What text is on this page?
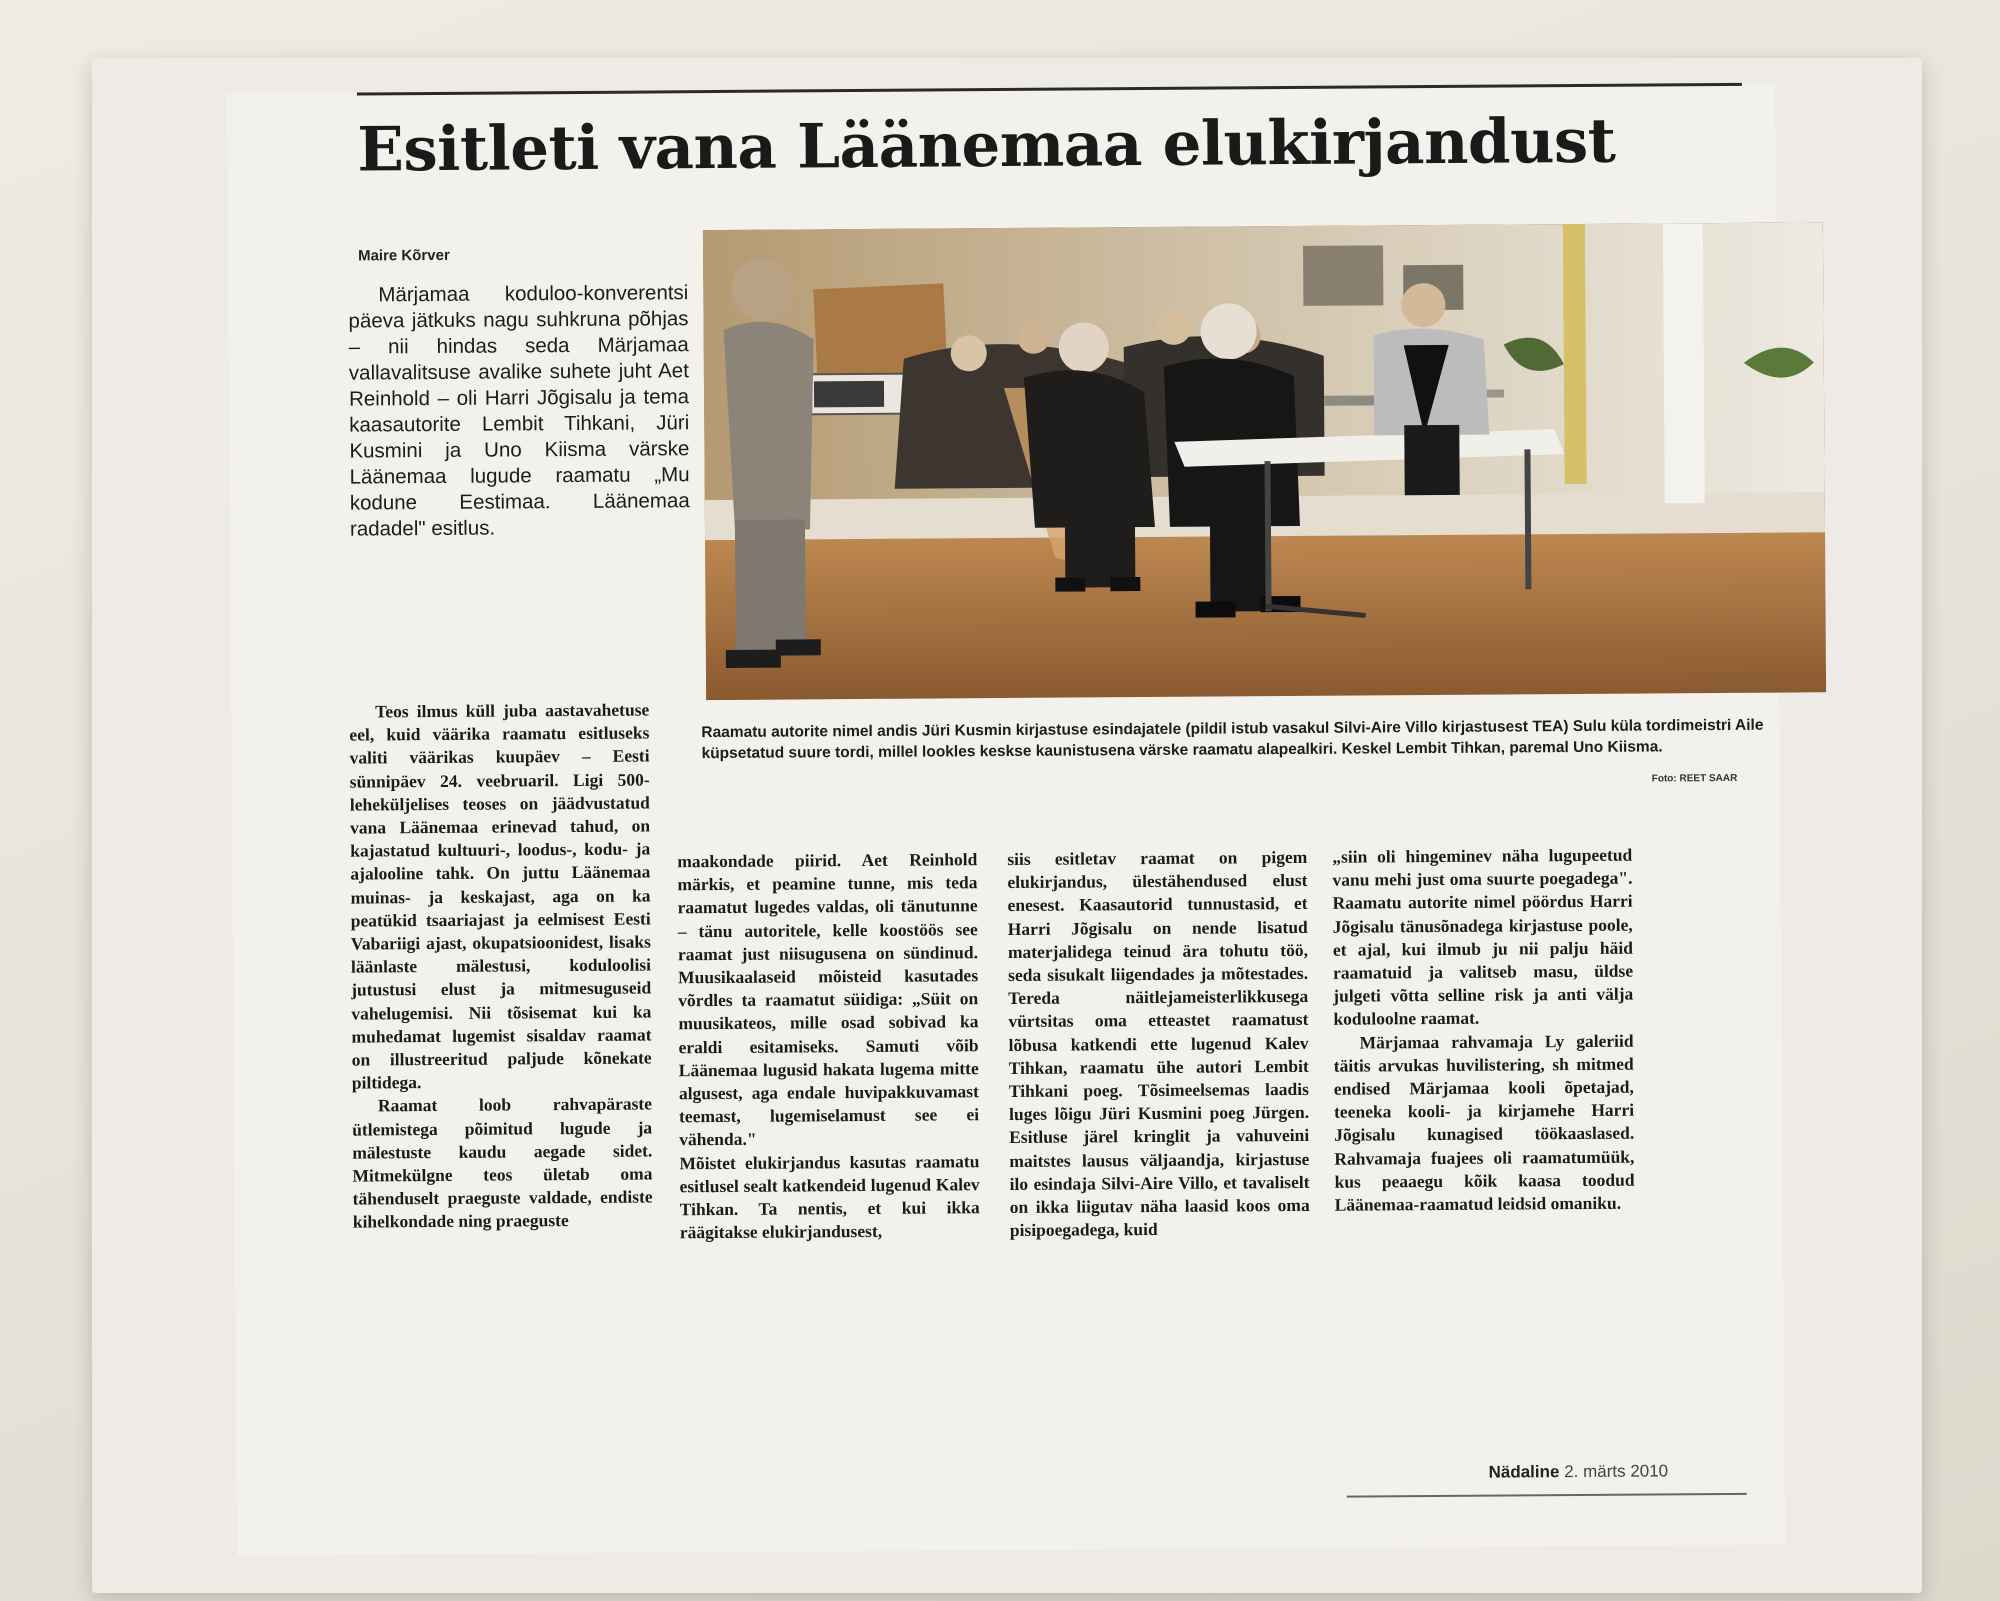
Esitleti vana Läänemaa elukirjandust
Maire Kõrver
Märjamaa koduloo-konverentsi päeva jätkuks nagu suhkruna põhjas – nii hindas seda Märjamaa vallavalitsuse avalike suhete juht Aet Reinhold – oli Harri Jõgisalu ja tema kaasautorite Lembit Tihkani, Jüri Kusmini ja Uno Kiisma värske Läänemaa lugude raamatu „Mu kodune Eestimaa. Läänemaa radadel" esitlus.
Raamatu autorite nimel andis Jüri Kusmin kirjastuse esindajatele (pildil istub vasakul Silvi-Aire Villo kirjastusest TEA) Sulu küla tordimeistri Aile küpsetatud suure tordi, millel lookles keskse kaunistusena värske raamatu alapealkiri. Keskel Lembit Tihkan, paremal Uno Kiisma.
Foto: REET SAAR

Teos ilmus küll juba aastavahetuse eel, kuid väärika raamatu esitluseks valiti väärikas kuupäev – Eesti sünnipäev 24. veebruaril. Ligi 500-leheküljelises teoses on jäädvustatud vana Läänemaa erinevad tahud, on kajastatud kultuuri-, loodus-, kodu- ja ajalooline tahk. On juttu Läänemaa muinas- ja keskajast, aga on ka peatükid tsaariajast ja eelmisest Eesti Vabariigi ajast, okupatsioonidest, lisaks läänlaste mälestusi, koduloolisi jutustusi elust ja mitmesuguseid vahelugemisi. Nii tõsisemat kui ka muhedamat lugemist sisaldav raamat on illustreeritud paljude kõnekate piltidega.

Raamat loob rahvapäraste ütlemistega põimitud lugude ja mälestuste kaudu aegade sidet. Mitmekülgne teos ületab oma tähenduselt praeguste valdade, endiste kihelkondade ning praeguste

maakondade piirid. Aet Reinhold märkis, et peamine tunne, mis teda raamatut lugedes valdas, oli tänutunne – tänu autoritele, kelle koostöös see raamat just niisugusena on sündinud. Muusikaalaseid mõisteid kasutades võrdles ta raamatut süidiga: „Süit on muusikateos, mille osad sobivad ka eraldi esitamiseks. Samuti võib Läänemaa lugusid hakata lugema mitte algusest, aga endale huvipakkuvamast teemast, lugemiselamust see ei vähenda."

Mõistet elukirjandus kasutas raamatu esitlusel sealt katkendeid lugenud Kalev Tihkan. Ta nentis, et kui ikka räägitakse elukirjandusest,

siis esitletav raamat on pigem elukirjandus, ülestähendused elust enesest. Kaasautorid tunnustasid, et Harri Jõgisalu on nende lisatud materjalidega teinud ära tohutu töö, seda sisukalt liigendades ja mõtestades. Tereda näitlejameisterlikkusega vürtsitas oma etteastet raamatust lõbusa katkendi ette lugenud Kalev Tihkan, raamatu ühe autori Lembit Tihkani poeg. Tõsimeelsemas laadis luges lõigu Jüri Kusmini poeg Jürgen. Esitluse järel kringlit ja vahuveini maitstes lausus väljaandja, kirjastuse ilo esindaja Silvi-Aire Villo, et tavaliselt on ikka liigutav näha laasid koos oma pisipoegadega, kuid

„siin oli hingeminev näha lugupeetud vanu mehi just oma suurte poegadega". Raamatu autorite nimel pöördus Harri Jõgisalu tänusõnadega kirjastuse poole, et ajal, kui ilmub ju nii palju häid raamatuid ja valitseb masu, üldse julgeti võtta selline risk ja anti välja koduloolne raamat.

Märjamaa rahvamaja Ly galeriid täitis arvukas huvilistering, sh mitmed endised Märjamaa kooli õpetajad, teeneka kooli- ja kirjamehe Harri Jõgisalu kunagised töökaaslased. Rahvamaja fuajees oli raamatumüük, kus peaaegu kõik kaasa toodud Läänemaa-raamatud leidsid omaniku.

Nädaline 2. märts 2010
